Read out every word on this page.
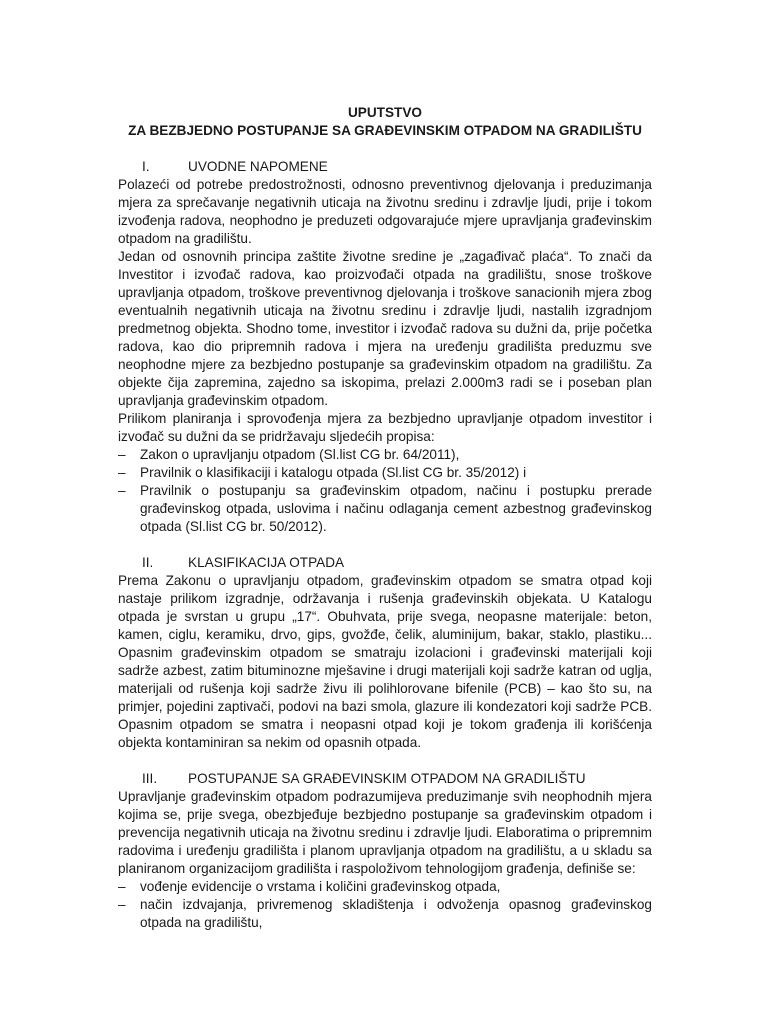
UPUTSTVO
ZA BEZBJEDNO POSTUPANJE SA GRAĐEVINSKIM OTPADOM NA GRADILIŠTU
I.	UVODNE NAPOMENE

Polazeći od potrebe predostrožnosti, odnosno preventivnog djelovanja i preduzimanja mjera za sprečavanje negativnih uticaja na životnu sredinu i zdravlje ljudi, prije i tokom izvođenja radova, neophodno je preduzeti odgovarajuće mjere upravljanja građevinskim otpadom na gradilištu.

Jedan od osnovnih principa zaštite životne sredine je „zagađivač plaća“. To znači da Investitor i izvođač radova, kao proizvođači otpada na gradilištu, snose troškove upravljanja otpadom, troškove preventivnog djelovanja i troškove sanacionih mjera zbog eventualnih negativnih uticaja na životnu sredinu i zdravlje ljudi, nastalih izgradnjom predmetnog objekta. Shodno tome, investitor i izvođač radova su dužni da, prije početka radova, kao dio pripremnih radova i mjera na uređenju gradilišta preduzmu sve neophodne mjere za bezbjedno postupanje sa građevinskim otpadom na gradilištu. Za objekte čija zapremina, zajedno sa iskopima, prelazi 2.000m3 radi se i poseban plan upravljanja građevinskim otpadom.

Prilikom planiranja i sprovođenja mjera za bezbjedno upravljanje otpadom investitor i izvođač su dužni da se pridržavaju sljedećih propisa:

– Zakon o upravljanju otpadom (Sl.list CG br. 64/2011),
– Pravilnik o klasifikaciji i katalogu otpada (Sl.list CG br. 35/2012) i
– Pravilnik o postupanju sa građevinskim otpadom, načinu i postupku prerade građevinskog otpada, uslovima i načinu odlaganja cement azbestnog građevinskog otpada (Sl.list CG br. 50/2012).
II.	KLASIFIKACIJA OTPADA

Prema Zakonu o upravljanju otpadom, građevinskim otpadom se smatra otpad koji nastaje prilikom izgradnje, održavanja i rušenja građevinskih objekata. U Katalogu otpada je svrstan u grupu „17“. Obuhvata, prije svega, neopasne materijale: beton, kamen, ciglu, keramiku, drvo, gips, gvožđe, čelik, aluminijum, bakar, staklo, plastiku... Opasnim građevinskim otpadom se smatraju izolacioni i građevinski materijali koji sadrže azbest, zatim bituminozne mješavine i drugi materijali koji sadrže katran od uglja, materijali od rušenja koji sadrže živu ili polihlorovane bifenile (PCB) – kao što su, na primjer, pojedini zaptivači, podovi na bazi smola, glazure ili kondezatori koji sadrže PCB. Opasnim otpadom se smatra i neopasni otpad koji je tokom građenja ili korišćenja objekta kontaminiran sa nekim od opasnih otpada.

III.	POSTUPANJE SA GRAĐEVINSKIM OTPADOM NA GRADILIŠTU

Upravljanje građevinskim otpadom podrazumijeva preduzimanje svih neophodnih mjera kojima se, prije svega, obezbjeđuje bezbjedno postupanje sa građevinskim otpadom i prevencija negativnih uticaja na životnu sredinu i zdravlje ljudi. Elaboratima o pripremnim radovima i uređenju gradilišta i planom upravljanja otpadom na gradilištu, a u skladu sa planiranom organizacijom gradilišta i raspoloživom tehnologijom građenja, definiše se:

– vođenje evidencije o vrstama i količini građevinskog otpada,
– način izdvajanja, privremenog skladištenja i odvoženja opasnog građevinskog otpada na gradilištu,
